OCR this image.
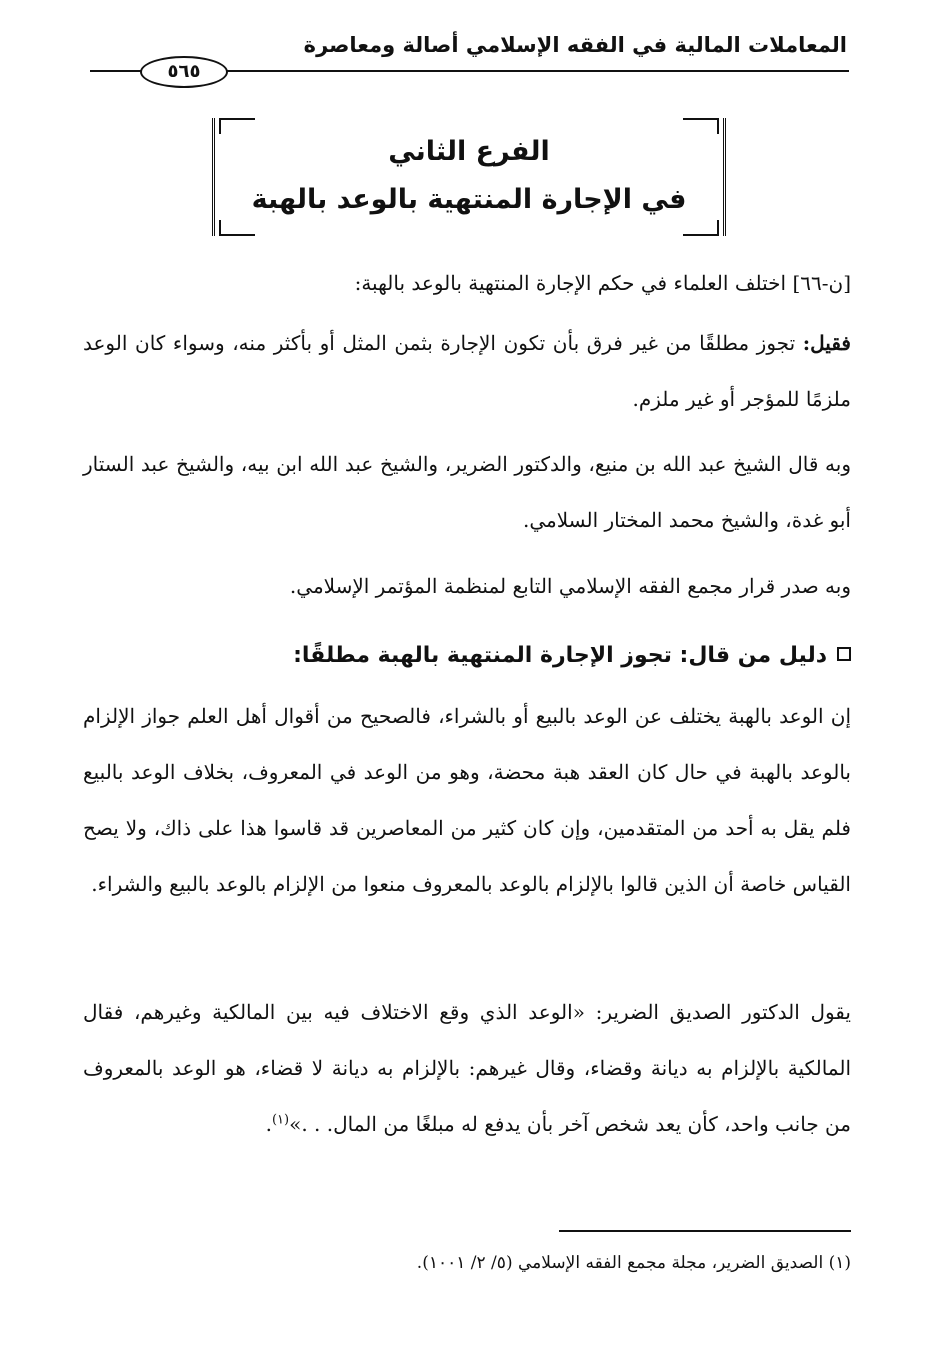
المعاملات المالية في الفقه الإسلامي أصالة ومعاصرة
٥٦٥
الفرع الثاني
في الإجارة المنتهية بالوعد بالهبة

[ن-٦٦] اختلف العلماء في حكم الإجارة المنتهية بالوعد بالهبة:

فقيل: تجوز مطلقًا من غير فرق بأن تكون الإجارة بثمن المثل أو بأكثر منه، وسواء كان الوعد ملزمًا للمؤجر أو غير ملزم.

وبه قال الشيخ عبد الله بن منيع، والدكتور الضرير، والشيخ عبد الله ابن بيه، والشيخ عبد الستار أبو غدة، والشيخ محمد المختار السلامي.

وبه صدر قرار مجمع الفقه الإسلامي التابع لمنظمة المؤتمر الإسلامي.

دليل من قال: تجوز الإجارة المنتهية بالهبة مطلقًا:

إن الوعد بالهبة يختلف عن الوعد بالبيع أو بالشراء، فالصحيح من أقوال أهل العلم جواز الإلزام بالوعد بالهبة في حال كان العقد هبة محضة، وهو من الوعد في المعروف، بخلاف الوعد بالبيع فلم يقل به أحد من المتقدمين، وإن كان كثير من المعاصرين قد قاسوا هذا على ذاك، ولا يصح القياس خاصة أن الذين قالوا بالإلزام بالوعد بالمعروف منعوا من الإلزام بالوعد بالبيع والشراء.

يقول الدكتور الصديق الضرير: «الوعد الذي وقع الاختلاف فيه بين المالكية وغيرهم، فقال المالكية بالإلزام به ديانة وقضاء، وقال غيرهم: بالإلزام به ديانة لا قضاء، هو الوعد بالمعروف من جانب واحد، كأن يعد شخص آخر بأن يدفع له مبلغًا من المال. . .»$^{(١)}$.

(١) الصديق الضرير، مجلة مجمع الفقه الإسلامي (٥/ ٢/ ١٠٠١).
